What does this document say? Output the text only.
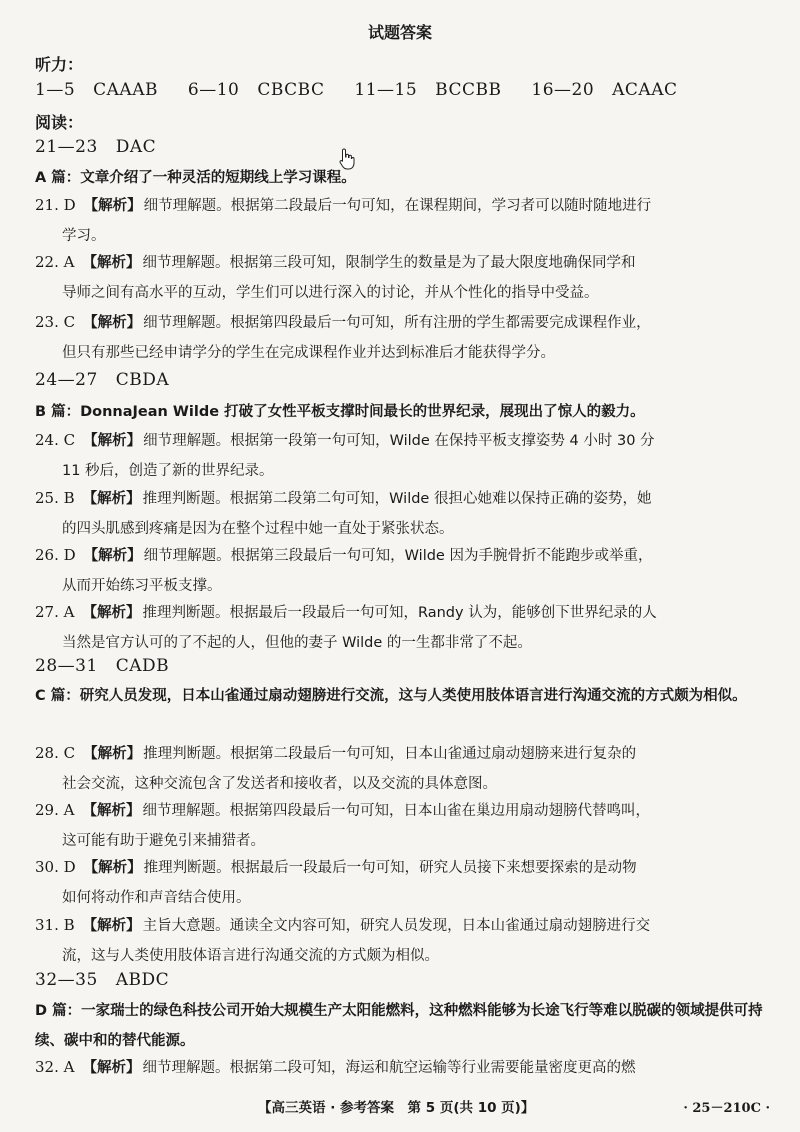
试题答案
听力：
1—5 CAAAB 6—10 CBCBC 11—15 BCCBB 16—20 ACAAC
阅读：
21—23 DAC
A 篇：文章介绍了一种灵活的短期线上学习课程。
21. D 【解析】 细节理解题。根据第二段最后一句可知，在课程期间，学习者可以随时随地进行
学习。
22. A 【解析】 细节理解题。根据第三段可知，限制学生的数量是为了最大限度地确保同学和
导师之间有高水平的互动，学生们可以进行深入的讨论，并从个性化的指导中受益。
23. C 【解析】 细节理解题。根据第四段最后一句可知，所有注册的学生都需要完成课程作业，
但只有那些已经申请学分的学生在完成课程作业并达到标准后才能获得学分。
24—27 CBDA
B 篇：DonnaJean Wilde 打破了女性平板支撑时间最长的世界纪录，展现出了惊人的毅力。
24. C 【解析】 细节理解题。根据第一段第一句可知，Wilde 在保持平板支撑姿势 4 小时 30 分
11 秒后，创造了新的世界纪录。
25. B 【解析】 推理判断题。根据第二段第二句可知，Wilde 很担心她难以保持正确的姿势，她
的四头肌感到疼痛是因为在整个过程中她一直处于紧张状态。
26. D 【解析】 细节理解题。根据第三段最后一句可知，Wilde 因为手腕骨折不能跑步或举重，
从而开始练习平板支撑。
27. A 【解析】 推理判断题。根据最后一段最后一句可知，Randy 认为，能够创下世界纪录的人
当然是官方认可的了不起的人，但他的妻子 Wilde 的一生都非常了不起。
28—31 CADB
C 篇：研究人员发现，日本山雀通过扇动翅膀进行交流，这与人类使用肢体语言进行沟通交流的方式颇为相似。
28. C 【解析】 推理判断题。根据第二段最后一句可知，日本山雀通过扇动翅膀来进行复杂的
社会交流，这种交流包含了发送者和接收者，以及交流的具体意图。
29. A 【解析】 细节理解题。根据第四段最后一句可知，日本山雀在巢边用扇动翅膀代替鸣叫，
这可能有助于避免引来捕猎者。
30. D 【解析】 推理判断题。根据最后一段最后一句可知，研究人员接下来想要探索的是动物
如何将动作和声音结合使用。
31. B 【解析】 主旨大意题。通读全文内容可知，研究人员发现，日本山雀通过扇动翅膀进行交
流，这与人类使用肢体语言进行沟通交流的方式颇为相似。
32—35 ABDC
D 篇：一家瑞士的绿色科技公司开始大规模生产太阳能燃料，这种燃料能够为长途飞行等难以脱碳的领域提供可持续、碳中和的替代能源。
32. A 【解析】 细节理解题。根据第二段可知，海运和航空运输等行业需要能量密度更高的燃
【高三英语 · 参考答案　第 5 页(共 10 页)】	· 25－210C ·
